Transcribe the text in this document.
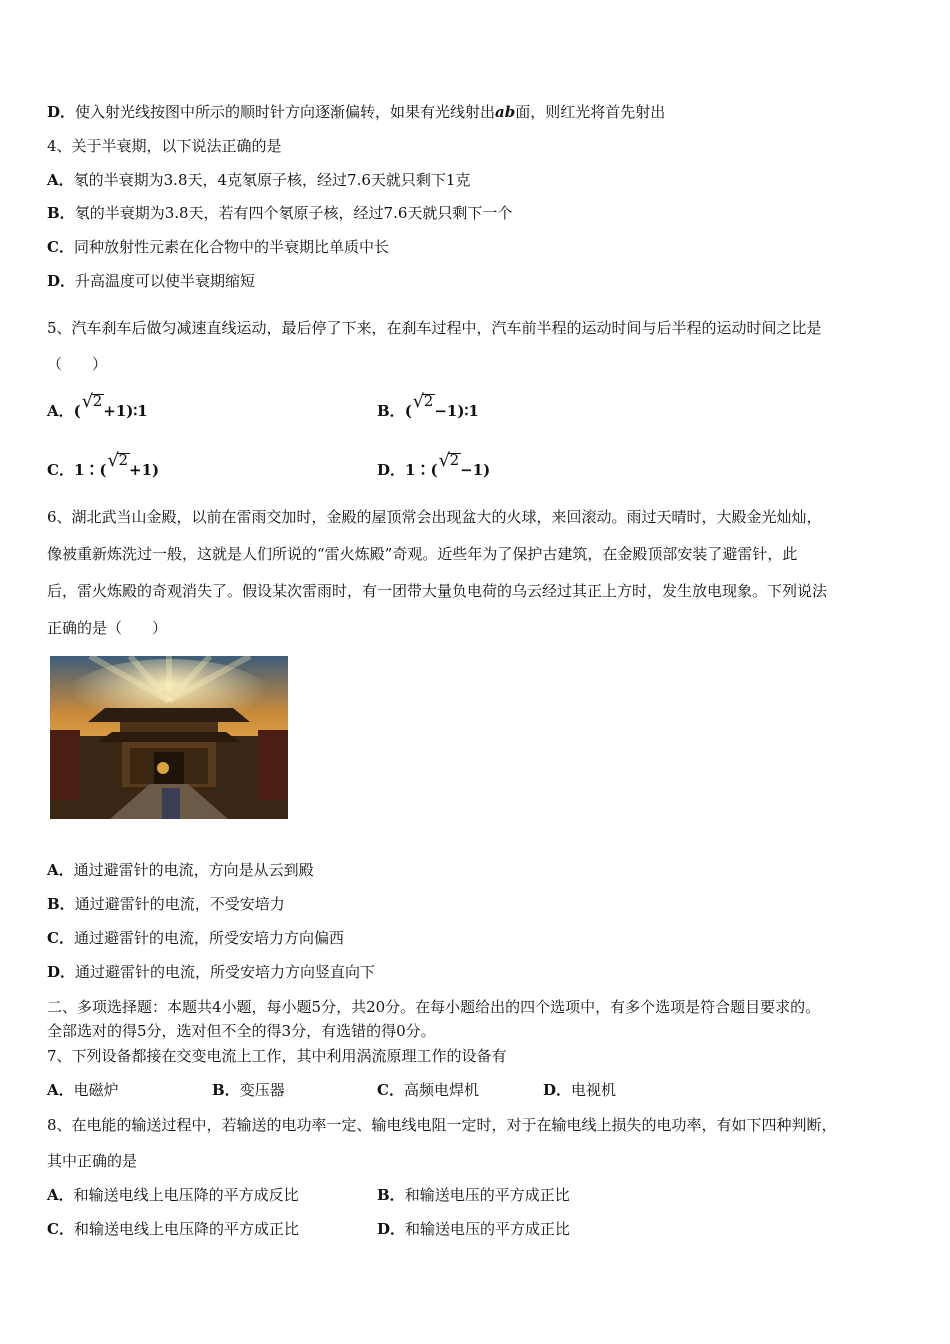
D．使入射光线按图中所示的顺时针方向逐渐偏转，如果有光线射出ab面，则红光将首先射出
4、关于半衰期，以下说法正确的是
A．氡的半衰期为3.8天，4克氡原子核，经过7.6天就只剩下1克
B．氡的半衰期为3.8天，若有四个氡原子核，经过7.6天就只剩下一个
C．同种放射性元素在化合物中的半衰期比单质中长
D．升高温度可以使半衰期缩短
5、汽车刹车后做匀减速直线运动，最后停了下来，在刹车过程中，汽车前半程的运动时间与后半程的运动时间之比是
（　　）
A．( √ 2+1)∶1	B．( √ 2−1)∶1
C．1∶( √ 2+1)	D．1∶( √ 2−1)
6、湖北武当山金殿，以前在雷雨交加时，金殿的屋顶常会出现盆大的火球，来回滚动。雨过天晴时，大殿金光灿灿，
像被重新炼洗过一般，这就是人们所说的“雷火炼殿”奇观。近些年为了保护古建筑，在金殿顶部安装了避雷针，此
后，雷火炼殿的奇观消失了。假设某次雷雨时，有一团带大量负电荷的乌云经过其正上方时，发生放电现象。下列说法
正确的是（　　）
A．通过避雷针的电流，方向是从云到殿
B．通过避雷针的电流，不受安培力
C．通过避雷针的电流，所受安培力方向偏西
D．通过避雷针的电流，所受安培力方向竖直向下
二、多项选择题：本题共4小题，每小题5分，共20分。在每小题给出的四个选项中，有多个选项是符合题目要求的。
全部选对的得5分，选对但不全的得3分，有选错的得0分。
7、下列设备都接在交变电流上工作，其中利用涡流原理工作的设备有
A．电磁炉	B．变压器	C．高频电焊机	D．电视机
8、在电能的输送过程中，若输送的电功率一定、输电线电阻一定时，对于在输电线上损失的电功率，有如下四种判断，
其中正确的是
A．和输送电线上电压降的平方成反比	B．和输送电压的平方成正比
C．和输送电线上电压降的平方成正比	D．和输送电压的平方成正比
